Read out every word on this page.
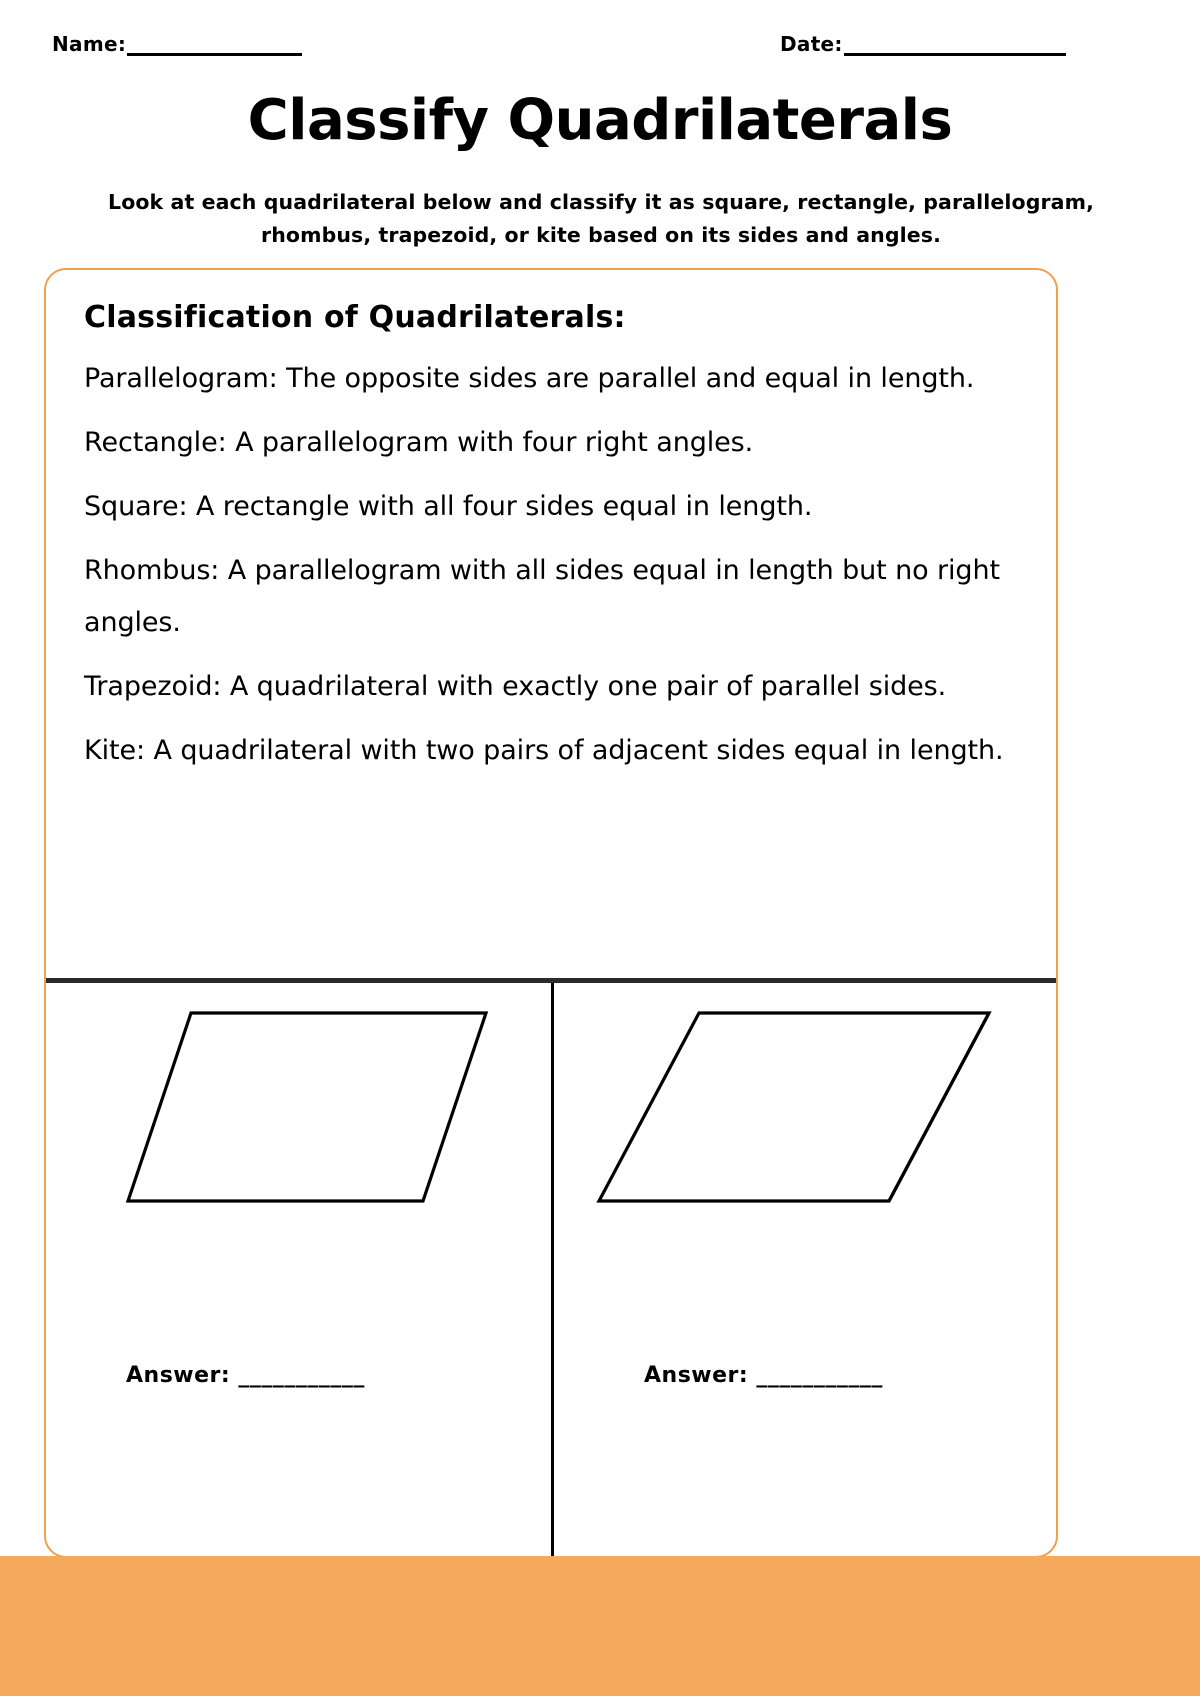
Name:	Date:
Classify Quadrilaterals
Look at each quadrilateral below and classify it as square, rectangle, parallelogram, rhombus, trapezoid, or kite based on its sides and angles.
Classification of Quadrilaterals:

Parallelogram: The opposite sides are parallel and equal in length.

Rectangle: A parallelogram with four right angles.

Square: A rectangle with all four sides equal in length.

Rhombus: A parallelogram with all sides equal in length but no right angles.

Trapezoid: A quadrilateral with exactly one pair of parallel sides.

Kite: A quadrilateral with two pairs of adjacent sides equal in length.

Answer: ___________	Answer: ___________
